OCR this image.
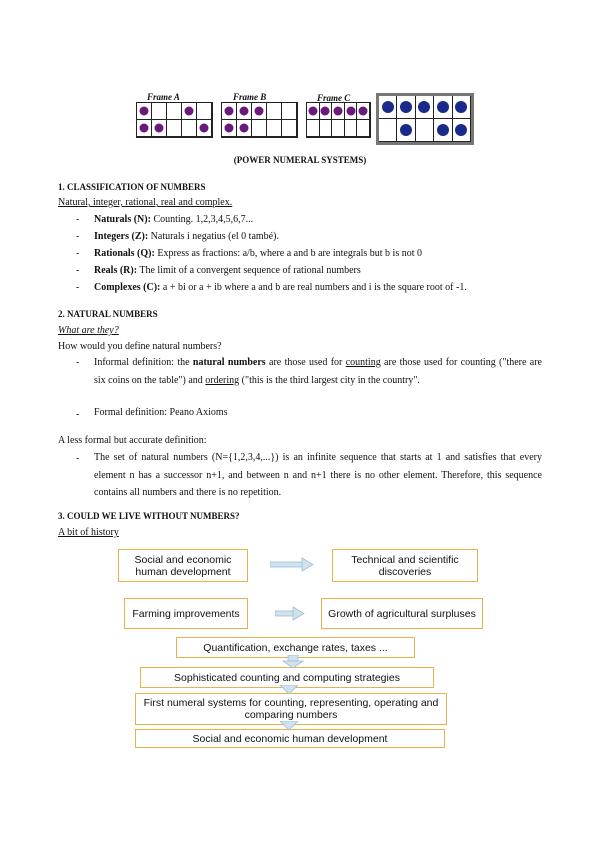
Frame A	Frame B	Frame C
(POWER NUMERAL SYSTEMS)
1. CLASSIFICATION OF NUMBERS
Natural, integer, rational, real and complex.
- Naturals (N): Counting. 1,2,3,4,5,6,7...
- Integers (Z): Naturals i negatius (el 0 també).
- Rationals (Q): Express as fractions: a/b, where a and b are integrals but b is not 0
- Reals (R): The limit of a convergent sequence of rational numbers
- Complexes (C): a + bi or a + ib where a and b are real numbers and i is the square root of -1.
2. NATURAL NUMBERS
What are they?
How would you define natural numbers?
- Informal definition: the natural numbers are those used for counting are those used for counting ("there are six coins on the table") and ordering ("this is the third largest city in the country".
- Formal definition: Peano Axioms
A less formal but accurate definition:
- The set of natural numbers (N={1,2,3,4,...}) is an infinite sequence that starts at 1 and satisfies that every element n has a successor n+1, and between n and n+1 there is no other element. Therefore, this sequence contains all numbers and there is no repetition.
3. COULD WE LIVE WITHOUT NUMBERS?
A bit of history
Social and economic human development
Technical and scientific discoveries
Farming improvements	Growth of agricultural surpluses
Quantification, exchange rates, taxes ...
Sophisticated counting and computing strategies
First numeral systems for counting, representing, operating and comparing numbers
Social and economic human development
